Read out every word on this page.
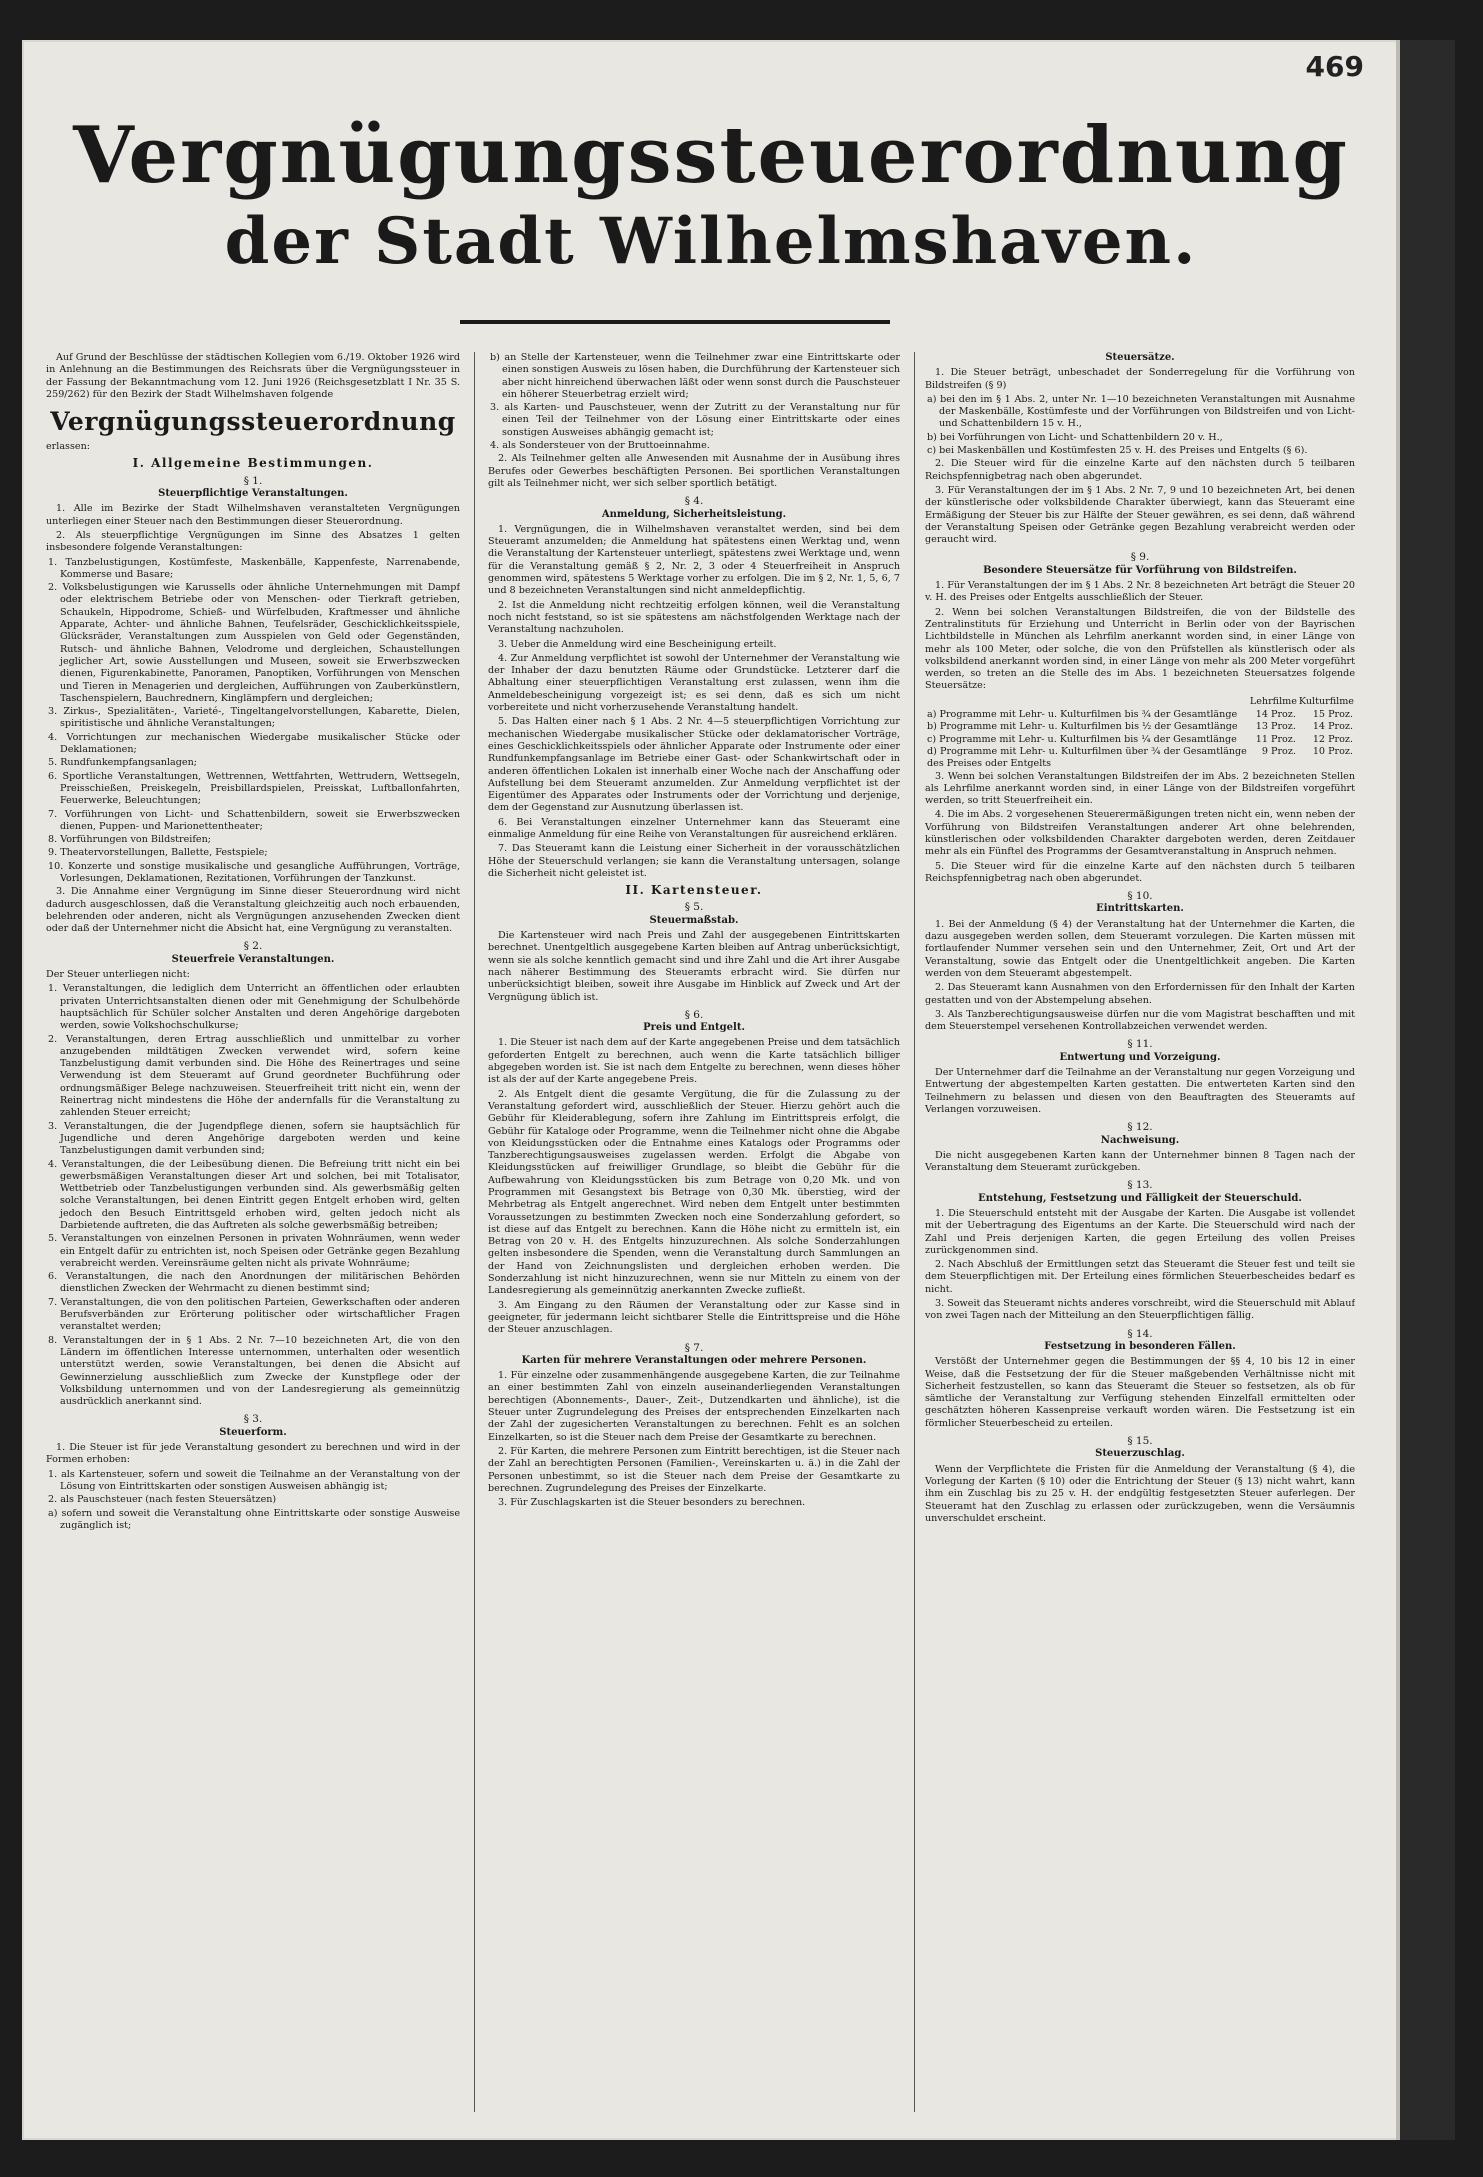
469
Vergnügungssteuerordnung
der Stadt Wilhelmshaven.

Auf Grund der Beschlüsse der städtischen Kollegien vom 6./19. Oktober 1926 wird in Anlehnung an die Bestimmungen des Reichsrats über die Vergnügungssteuer in der Fassung der Bekanntmachung vom 12. Juni 1926 (Reichsgesetzblatt I Nr. 35 S. 259/262) für den Bezirk der Stadt Wilhelmshaven folgende

Vergnügungssteuerordnung

erlassen:

I. Allgemeine Bestimmungen.
§ 1.
Steuerpflichtige Veranstaltungen.

1. Alle im Bezirke der Stadt Wilhelmshaven veranstalteten Vergnügungen unterliegen einer Steuer nach den Bestimmungen dieser Steuerordnung.

2. Als steuerpflichtige Vergnügungen im Sinne des Absatzes 1 gelten insbesondere folgende Veranstaltungen:

1. Tanzbelustigungen, Kostümfeste, Maskenbälle, Kappenfeste, Narrenabende, Kommerse und Basare;
2. Volksbelustigungen wie Karussells oder ähnliche Unternehmungen mit Dampf oder elektrischem Betriebe oder von Menschen- oder Tierkraft getrieben, Schaukeln, Hippodrome, Schieß- und Würfelbuden, Kraftmesser und ähnliche Apparate, Achter- und ähnliche Bahnen, Teufelsräder, Geschicklichkeitsspiele, Glücksräder, Veranstaltungen zum Ausspielen von Geld oder Gegenständen, Rutsch- und ähnliche Bahnen, Velodrome und dergleichen, Schaustellungen jeglicher Art, sowie Ausstellungen und Museen, soweit sie Erwerbszwecken dienen, Figurenkabinette, Panoramen, Panoptiken, Vorführungen von Menschen und Tieren in Menagerien und dergleichen, Aufführungen von Zauberkünstlern, Taschenspielern, Bauchrednern, Kinglämpfern und dergleichen;
3. Zirkus-, Spezialitäten-, Varieté-, Tingeltangelvorstellungen, Kabarette, Dielen, spiritistische und ähnliche Veranstaltungen;
4. Vorrichtungen zur mechanischen Wiedergabe musikalischer Stücke oder Deklamationen;
5. Rundfunkempfangsanlagen;
6. Sportliche Veranstaltungen, Wettrennen, Wettfahrten, Wettrudern, Wettsegeln, Preisschießen, Preiskegeln, Preisbillardspielen, Preisskat, Luftballonfahrten, Feuerwerke, Beleuchtungen;
7. Vorführungen von Licht- und Schattenbildern, soweit sie Erwerbszwecken dienen, Puppen- und Marionettentheater;
8. Vorführungen von Bildstreifen;
9. Theatervorstellungen, Ballette, Festspiele;
10. Konzerte und sonstige musikalische und gesangliche Aufführungen, Vorträge, Vorlesungen, Deklamationen, Rezitationen, Vorführungen der Tanzkunst.

3. Die Annahme einer Vergnügung im Sinne dieser Steuerordnung wird nicht dadurch ausgeschlossen, daß die Veranstaltung gleichzeitig auch noch erbauenden, belehrenden oder anderen, nicht als Vergnügungen anzusehenden Zwecken dient oder daß der Unternehmer nicht die Absicht hat, eine Vergnügung zu veranstalten.

§ 2.
Steuerfreie Veranstaltungen.

Der Steuer unterliegen nicht:

1. Veranstaltungen, die lediglich dem Unterricht an öffentlichen oder erlaubten privaten Unterrichtsanstalten dienen oder mit Genehmigung der Schulbehörde hauptsächlich für Schüler solcher Anstalten und deren Angehörige dargeboten werden, sowie Volkshochschulkurse;
2. Veranstaltungen, deren Ertrag ausschließlich und unmittelbar zu vorher anzugebenden mildtätigen Zwecken verwendet wird, sofern keine Tanzbelustigung damit verbunden sind. Die Höhe des Reinertrages und seine Verwendung ist dem Steueramt auf Grund geordneter Buchführung oder ordnungsmäßiger Belege nachzuweisen. Steuerfreiheit tritt nicht ein, wenn der Reinertrag nicht mindestens die Höhe der andernfalls für die Veranstaltung zu zahlenden Steuer erreicht;
3. Veranstaltungen, die der Jugendpflege dienen, sofern sie hauptsächlich für Jugendliche und deren Angehörige dargeboten werden und keine Tanzbelustigungen damit verbunden sind;
4. Veranstaltungen, die der Leibesübung dienen. Die Befreiung tritt nicht ein bei gewerbsmäßigen Veranstaltungen dieser Art und solchen, bei mit Totalisator, Wettbetrieb oder Tanzbelustigungen verbunden sind. Als gewerbsmäßig gelten solche Veranstaltungen, bei denen Eintritt gegen Entgelt erhoben wird, gelten jedoch den Besuch Eintrittsgeld erhoben wird, gelten jedoch nicht als Darbietende auftreten, die das Auftreten als solche gewerbsmäßig betreiben;
5. Veranstaltungen von einzelnen Personen in privaten Wohnräumen, wenn weder ein Entgelt dafür zu entrichten ist, noch Speisen oder Getränke gegen Bezahlung verabreicht werden. Vereinsräume gelten nicht als private Wohnräume;
6. Veranstaltungen, die nach den Anordnungen der militärischen Behörden dienstlichen Zwecken der Wehrmacht zu dienen bestimmt sind;
7. Veranstaltungen, die von den politischen Parteien, Gewerkschaften oder anderen Berufsverbänden zur Erörterung politischer oder wirtschaftlicher Fragen veranstaltet werden;
8. Veranstaltungen der in § 1 Abs. 2 Nr. 7—10 bezeichneten Art, die von den Ländern im öffentlichen Interesse unternommen, unterhalten oder wesentlich unterstützt werden, sowie Veranstaltungen, bei denen die Absicht auf Gewinnerzielung ausschließlich zum Zwecke der Kunstpflege oder der Volksbildung unternommen und von der Landesregierung als gemeinnützig ausdrücklich anerkannt sind.
§ 3.
Steuerform.

1. Die Steuer ist für jede Veranstaltung gesondert zu berechnen und wird in der Formen erhoben:

1. als Kartensteuer, sofern und soweit die Teilnahme an der Veranstaltung von der Lösung von Eintrittskarten oder sonstigen Ausweisen abhängig ist;
2. als Pauschsteuer (nach festen Steuersätzen)
a) sofern und soweit die Veranstaltung ohne Eintrittskarte oder sonstige Ausweise zugänglich ist;
b) an Stelle der Kartensteuer, wenn die Teilnehmer zwar eine Eintrittskarte oder einen sonstigen Ausweis zu lösen haben, die Durchführung der Kartensteuer sich aber nicht hinreichend überwachen läßt oder wenn sonst durch die Pauschsteuer ein höherer Steuerbetrag erzielt wird;
3. als Karten- und Pauschsteuer, wenn der Zutritt zu der Veranstaltung nur für einen Teil der Teilnehmer von der Lösung einer Eintrittskarte oder eines sonstigen Ausweises abhängig gemacht ist;
4. als Sondersteuer von der Bruttoeinnahme.

2. Als Teilnehmer gelten alle Anwesenden mit Ausnahme der in Ausübung ihres Berufes oder Gewerbes beschäftigten Personen. Bei sportlichen Veranstaltungen gilt als Teilnehmer nicht, wer sich selber sportlich betätigt.

§ 4.
Anmeldung, Sicherheitsleistung.

1. Vergnügungen, die in Wilhelmshaven veranstaltet werden, sind bei dem Steueramt anzumelden; die Anmeldung hat spätestens einen Werktag und, wenn die Veranstaltung der Kartensteuer unterliegt, spätestens zwei Werktage und, wenn für die Veranstaltung gemäß § 2, Nr. 2, 3 oder 4 Steuerfreiheit in Anspruch genommen wird, spätestens 5 Werktage vorher zu erfolgen. Die im § 2, Nr. 1, 5, 6, 7 und 8 bezeichneten Veranstaltungen sind nicht anmeldepflichtig.

2. Ist die Anmeldung nicht rechtzeitig erfolgen können, weil die Veranstaltung noch nicht feststand, so ist sie spätestens am nächstfolgenden Werktage nach der Veranstaltung nachzuholen.

3. Ueber die Anmeldung wird eine Bescheinigung erteilt.

4. Zur Anmeldung verpflichtet ist sowohl der Unternehmer der Veranstaltung wie der Inhaber der dazu benutzten Räume oder Grundstücke. Letzterer darf die Abhaltung einer steuerpflichtigen Veranstaltung erst zulassen, wenn ihm die Anmeldebescheinigung vorgezeigt ist; es sei denn, daß es sich um nicht vorbereitete und nicht vorherzusehende Veranstaltung handelt.

5. Das Halten einer nach § 1 Abs. 2 Nr. 4—5 steuerpflichtigen Vorrichtung zur mechanischen Wiedergabe musikalischer Stücke oder deklamatorischer Vorträge, eines Geschicklichkeitsspiels oder ähnlicher Apparate oder Instrumente oder einer Rundfunkempfangsanlage im Betriebe einer Gast- oder Schankwirtschaft oder in anderen öffentlichen Lokalen ist innerhalb einer Woche nach der Anschaffung oder Aufstellung bei dem Steueramt anzumelden. Zur Anmeldung verpflichtet ist der Eigentümer des Apparates oder Instruments oder der Vorrichtung und derjenige, dem der Gegenstand zur Ausnutzung überlassen ist.

6. Bei Veranstaltungen einzelner Unternehmer kann das Steueramt eine einmalige Anmeldung für eine Reihe von Veranstaltungen für ausreichend erklären.

7. Das Steueramt kann die Leistung einer Sicherheit in der vorausschätzlichen Höhe der Steuerschuld verlangen; sie kann die Veranstaltung untersagen, solange die Sicherheit nicht geleistet ist.

II. Kartensteuer.
§ 5.
Steuermaßstab.

Die Kartensteuer wird nach Preis und Zahl der ausgegebenen Eintrittskarten berechnet. Unentgeltlich ausgegebene Karten bleiben auf Antrag unberücksichtigt, wenn sie als solche kenntlich gemacht sind und ihre Zahl und die Art ihrer Ausgabe nach näherer Bestimmung des Steueramts erbracht wird. Sie dürfen nur unberücksichtigt bleiben, soweit ihre Ausgabe im Hinblick auf Zweck und Art der Vergnügung üblich ist.

§ 6.
Preis und Entgelt.

1. Die Steuer ist nach dem auf der Karte angegebenen Preise und dem tatsächlich geforderten Entgelt zu berechnen, auch wenn die Karte tatsächlich billiger abgegeben worden ist. Sie ist nach dem Entgelte zu berechnen, wenn dieses höher ist als der auf der Karte angegebene Preis.

2. Als Entgelt dient die gesamte Vergütung, die für die Zulassung zu der Veranstaltung gefordert wird, ausschließlich der Steuer. Hierzu gehört auch die Gebühr für Kleiderablegung, sofern ihre Zahlung im Eintrittspreis erfolgt, die Gebühr für Kataloge oder Programme, wenn die Teilnehmer nicht ohne die Abgabe von Kleidungsstücken oder die Entnahme eines Katalogs oder Programms oder Tanzberechtigungsausweises zugelassen werden. Erfolgt die Abgabe von Kleidungsstücken auf freiwilliger Grundlage, so bleibt die Gebühr für die Aufbewahrung von Kleidungsstücken bis zum Betrage von 0,20 Mk. und von Programmen mit Gesangstext bis Betrage von 0,30 Mk. überstieg, wird der Mehrbetrag als Entgelt angerechnet. Wird neben dem Entgelt unter bestimmten Voraussetzungen zu bestimmten Zwecken noch eine Sonderzahlung gefordert, so ist diese auf das Entgelt zu berechnen. Kann die Höhe nicht zu ermitteln ist, ein Betrag von 20 v. H. des Entgelts hinzuzurechnen. Als solche Sonderzahlungen gelten insbesondere die Spenden, wenn die Veranstaltung durch Sammlungen an der Hand von Zeichnungslisten und dergleichen erhoben werden. Die Sonderzahlung ist nicht hinzuzurechnen, wenn sie nur Mitteln zu einem von der Landesregierung als gemeinnützig anerkannten Zwecke zufließt.

3. Am Eingang zu den Räumen der Veranstaltung oder zur Kasse sind in geeigneter, für jedermann leicht sichtbarer Stelle die Eintrittspreise und die Höhe der Steuer anzuschlagen.

§ 7.
Karten für mehrere Veranstaltungen oder mehrere Personen.

1. Für einzelne oder zusammenhängende ausgegebene Karten, die zur Teilnahme an einer bestimmten Zahl von einzeln auseinanderliegenden Veranstaltungen berechtigen (Abonnements-, Dauer-, Zeit-, Dutzendkarten und ähnliche), ist die Steuer unter Zugrundelegung des Preises der entsprechenden Einzelkarten nach der Zahl der zugesicherten Veranstaltungen zu berechnen. Fehlt es an solchen Einzelkarten, so ist die Steuer nach dem Preise der Gesamtkarte zu berechnen.

2. Für Karten, die mehrere Personen zum Eintritt berechtigen, ist die Steuer nach der Zahl an berechtigten Personen (Familien-, Vereinskarten u. ä.) in die Zahl der Personen unbestimmt, so ist die Steuer nach dem Preise der Gesamtkarte zu berechnen. Zugrundelegung des Preises der Einzelkarte.

3. Für Zuschlagskarten ist die Steuer besonders zu berechnen.

Steuersätze.

1. Die Steuer beträgt, unbeschadet der Sonderregelung für die Vorführung von Bildstreifen (§ 9)

a) bei den im § 1 Abs. 2, unter Nr. 1—10 bezeichneten Veranstaltungen mit Ausnahme der Maskenbälle, Kostümfeste und der Vorführungen von Bildstreifen und von Licht- und Schattenbildern 15 v. H.,
b) bei Vorführungen von Licht- und Schattenbildern 20 v. H.,
c) bei Maskenbällen und Kostümfesten 25 v. H. des Preises und Entgelts (§ 6).

2. Die Steuer wird für die einzelne Karte auf den nächsten durch 5 teilbaren Reichspfennigbetrag nach oben abgerundet.

3. Für Veranstaltungen der im § 1 Abs. 2 Nr. 7, 9 und 10 bezeichneten Art, bei denen der künstlerische oder volksbildende Charakter überwiegt, kann das Steueramt eine Ermäßigung der Steuer bis zur Hälfte der Steuer gewähren, es sei denn, daß während der Veranstaltung Speisen oder Getränke gegen Bezahlung verabreicht werden oder geraucht wird.

§ 9.
Besondere Steuersätze für Vorführung von Bildstreifen.

1. Für Veranstaltungen der im § 1 Abs. 2 Nr. 8 bezeichneten Art beträgt die Steuer 20 v. H. des Preises oder Entgelts ausschließlich der Steuer.

2. Wenn bei solchen Veranstaltungen Bildstreifen, die von der Bildstelle des Zentralinstituts für Erziehung und Unterricht in Berlin oder von der Bayrischen Lichtbildstelle in München als Lehrfilm anerkannt worden sind, in einer Länge von mehr als 100 Meter, oder solche, die von den Prüfstellen als künstlerisch oder als volksbildend anerkannt worden sind, in einer Länge von mehr als 200 Meter vorgeführt werden, so treten an die Stelle des im Abs. 1 bezeichneten Steuersatzes folgende Steuersätze:

	Lehrfilme	Kulturfilme
a) Programme mit Lehr- u. Kulturfilmen bis ¾ der Gesamtlänge	14 Proz.	15 Proz.
b) Programme mit Lehr- u. Kulturfilmen bis ½ der Gesamtlänge	13 Proz.	14 Proz.
c) Programme mit Lehr- u. Kulturfilmen bis ¼ der Gesamtlänge	11 Proz.	12 Proz.
d) Programme mit Lehr- u. Kulturfilmen über ¾ der Gesamtlänge des Preises oder Entgelts	9 Proz.	10 Proz.

3. Wenn bei solchen Veranstaltungen Bildstreifen der im Abs. 2 bezeichneten Stellen als Lehrfilme anerkannt worden sind, in einer Länge von der Bildstreifen vorgeführt werden, so tritt Steuerfreiheit ein.

4. Die im Abs. 2 vorgesehenen Steuerermäßigungen treten nicht ein, wenn neben der Vorführung von Bildstreifen Veranstaltungen anderer Art ohne belehrenden, künstlerischen oder volksbildenden Charakter dargeboten werden, deren Zeitdauer mehr als ein Fünftel des Programms der Gesamtveranstaltung in Anspruch nehmen.

5. Die Steuer wird für die einzelne Karte auf den nächsten durch 5 teilbaren Reichspfennigbetrag nach oben abgerundet.

§ 10.
Eintrittskarten.

1. Bei der Anmeldung (§ 4) der Veranstaltung hat der Unternehmer die Karten, die dazu ausgegeben werden sollen, dem Steueramt vorzulegen. Die Karten müssen mit fortlaufender Nummer versehen sein und den Unternehmer, Zeit, Ort und Art der Veranstaltung, sowie das Entgelt oder die Unentgeltlichkeit angeben. Die Karten werden von dem Steueramt abgestempelt.

2. Das Steueramt kann Ausnahmen von den Erfordernissen für den Inhalt der Karten gestatten und von der Abstempelung absehen.

3. Als Tanzberechtigungsausweise dürfen nur die vom Magistrat beschafften und mit dem Steuerstempel versehenen Kontrollabzeichen verwendet werden.

§ 11.
Entwertung und Vorzeigung.

Der Unternehmer darf die Teilnahme an der Veranstaltung nur gegen Vorzeigung und Entwertung der abgestempelten Karten gestatten. Die entwerteten Karten sind den Teilnehmern zu belassen und diesen von den Beauftragten des Steueramts auf Verlangen vorzuweisen.

§ 12.
Nachweisung.

Die nicht ausgegebenen Karten kann der Unternehmer binnen 8 Tagen nach der Veranstaltung dem Steueramt zurückgeben.

§ 13.
Entstehung, Festsetzung und Fälligkeit der Steuerschuld.

1. Die Steuerschuld entsteht mit der Ausgabe der Karten. Die Ausgabe ist vollendet mit der Uebertragung des Eigentums an der Karte. Die Steuerschuld wird nach der Zahl und Preis derjenigen Karten, die gegen Erteilung des vollen Preises zurückgenommen sind.

2. Nach Abschluß der Ermittlungen setzt das Steueramt die Steuer fest und teilt sie dem Steuerpflichtigen mit. Der Erteilung eines förmlichen Steuerbescheides bedarf es nicht.

3. Soweit das Steueramt nichts anderes vorschreibt, wird die Steuerschuld mit Ablauf von zwei Tagen nach der Mitteilung an den Steuerpflichtigen fällig.

§ 14.
Festsetzung in besonderen Fällen.

Verstößt der Unternehmer gegen die Bestimmungen der §§ 4, 10 bis 12 in einer Weise, daß die Festsetzung der für die Steuer maßgebenden Verhältnisse nicht mit Sicherheit festzustellen, so kann das Steueramt die Steuer so festsetzen, als ob für sämtliche der Veranstaltung zur Verfügung stehenden Einzelfall ermittelten oder geschätzten höheren Kassenpreise verkauft worden wären. Die Festsetzung ist ein förmlicher Steuerbescheid zu erteilen.

§ 15.
Steuerzuschlag.

Wenn der Verpflichtete die Fristen für die Anmeldung der Veranstaltung (§ 4), die Vorlegung der Karten (§ 10) oder die Entrichtung der Steuer (§ 13) nicht wahrt, kann ihm ein Zuschlag bis zu 25 v. H. der endgültig festgesetzten Steuer auferlegen. Der Steueramt hat den Zuschlag zu erlassen oder zurückzugeben, wenn die Versäumnis unverschuldet erscheint.
